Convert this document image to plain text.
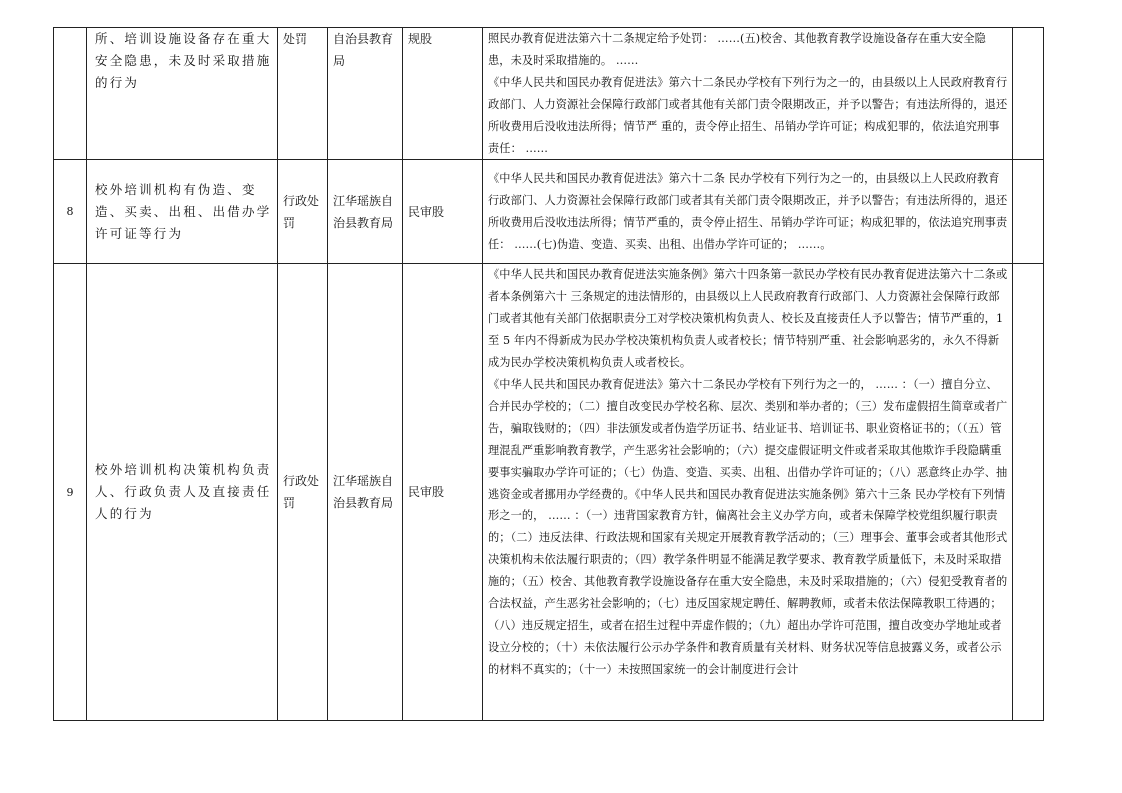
	所、培训设施设备存在重大安全隐患，未及时采取措施的行为	处罚	自治县教育局	规股	照民办教育促进法第六十二条规定给予处罚： ……(五)校舍、其他教育教学设施设备存在重大安全隐患，未及时采取措施的。 ……

《中华人民共和国民办教育促进法》第六十二条民办学校有下列行为之一的，由县级以上人民政府教育行政部门、人力资源社会保障行政部门或者其他有关部门责令限期改正，并予以警告；有违法所得的，退还所收费用后没收违法所得；情节严 重的，责令停止招生、吊销办学许可证；构成犯罪的，依法追究刑事责任： ……	

8	校外培训机构有伪造、变造、买卖、出租、出借办学许可证等行为	行政处罚	江华瑶族自治县教育局	民审股	《中华人民共和国民办教育促进法》第六十二条 民办学校有下列行为之一的，由县级以上人民政府教育行政部门、人力资源社会保障行政部门或者其有关部门责令限期改正，并予以警告；有违法所得的，退还所收费用后没收违法所得；情节严重的，责令停止招生、吊销办学许可证；构成犯罪的，依法追究刑事责任： ……(七)伪造、变造、买卖、出租、出借办学许可证的； ……。	

9	校外培训机构决策机构负责人、行政负责人及直接责任人的行为	行政处罚	江华瑶族自治县教育局	民审股	《中华人民共和国民办教育促进法实施条例》第六十四条第一款民办学校有民办教育促进法第六十二条或者本条例第六十 三条规定的违法情形的，由县级以上人民政府教育行政部门、人力资源社会保障行政部门或者其他有关部门依据职责分工对学校决策机构负责人、校长及直接责任人予以警告；情节严重的，1 至 5 年内不得新成为民办学校决策机构负责人或者校长；情节特别严重、社会影响恶劣的，永久不得新成为民办学校决策机构负责人或者校长。

《中华人民共和国民办教育促进法》第六十二条民办学校有下列行为之一的， …… ：（一）擅自分立、合并民办学校的；（二）擅自改变民办学校名称、层次、类别和举办者的；（三）发布虚假招生简章或者广告，骗取钱财的；（四）非法颁发或者伪造学历证书、结业证书、培训证书、职业资格证书的；（（五）管理混乱严重影响教育教学，产生恶劣社会影响的；（六）提交虚假证明文件或者采取其他欺诈手段隐瞒重要事实骗取办学许可证的；（七）伪造、变造、买卖、出租、出借办学许可证的；（八）恶意终止办学、抽逃资金或者挪用办学经费的。《中华人民共和国民办教育促进法实施条例》第六十三条 民办学校有下列情形之一的， …… ：（一）违背国家教育方针，偏离社会主义办学方向，或者未保障学校党组织履行职责的；（二）违反法律、行政法规和国家有关规定开展教育教学活动的；（三）理事会、董事会或者其他形式决策机构未依法履行职责的；（四）教学条件明显不能满足教学要求、教育教学质量低下，未及时采取措施的；（五）校舍、其他教育教学设施设备存在重大安全隐患，未及时采取措施的；（六）侵犯受教育者的合法权益，产生恶劣社会影响的；（七）违反国家规定聘任、解聘教师，或者未依法保障教职工待遇的；（八）违反规定招生，或者在招生过程中弄虚作假的；（九）超出办学许可范围，擅自改变办学地址或者设立分校的；（十）未依法履行公示办学条件和教育质量有关材料、财务状况等信息披露义务，或者公示的材料不真实的；（十一）未按照国家统一的会计制度进行会计	
